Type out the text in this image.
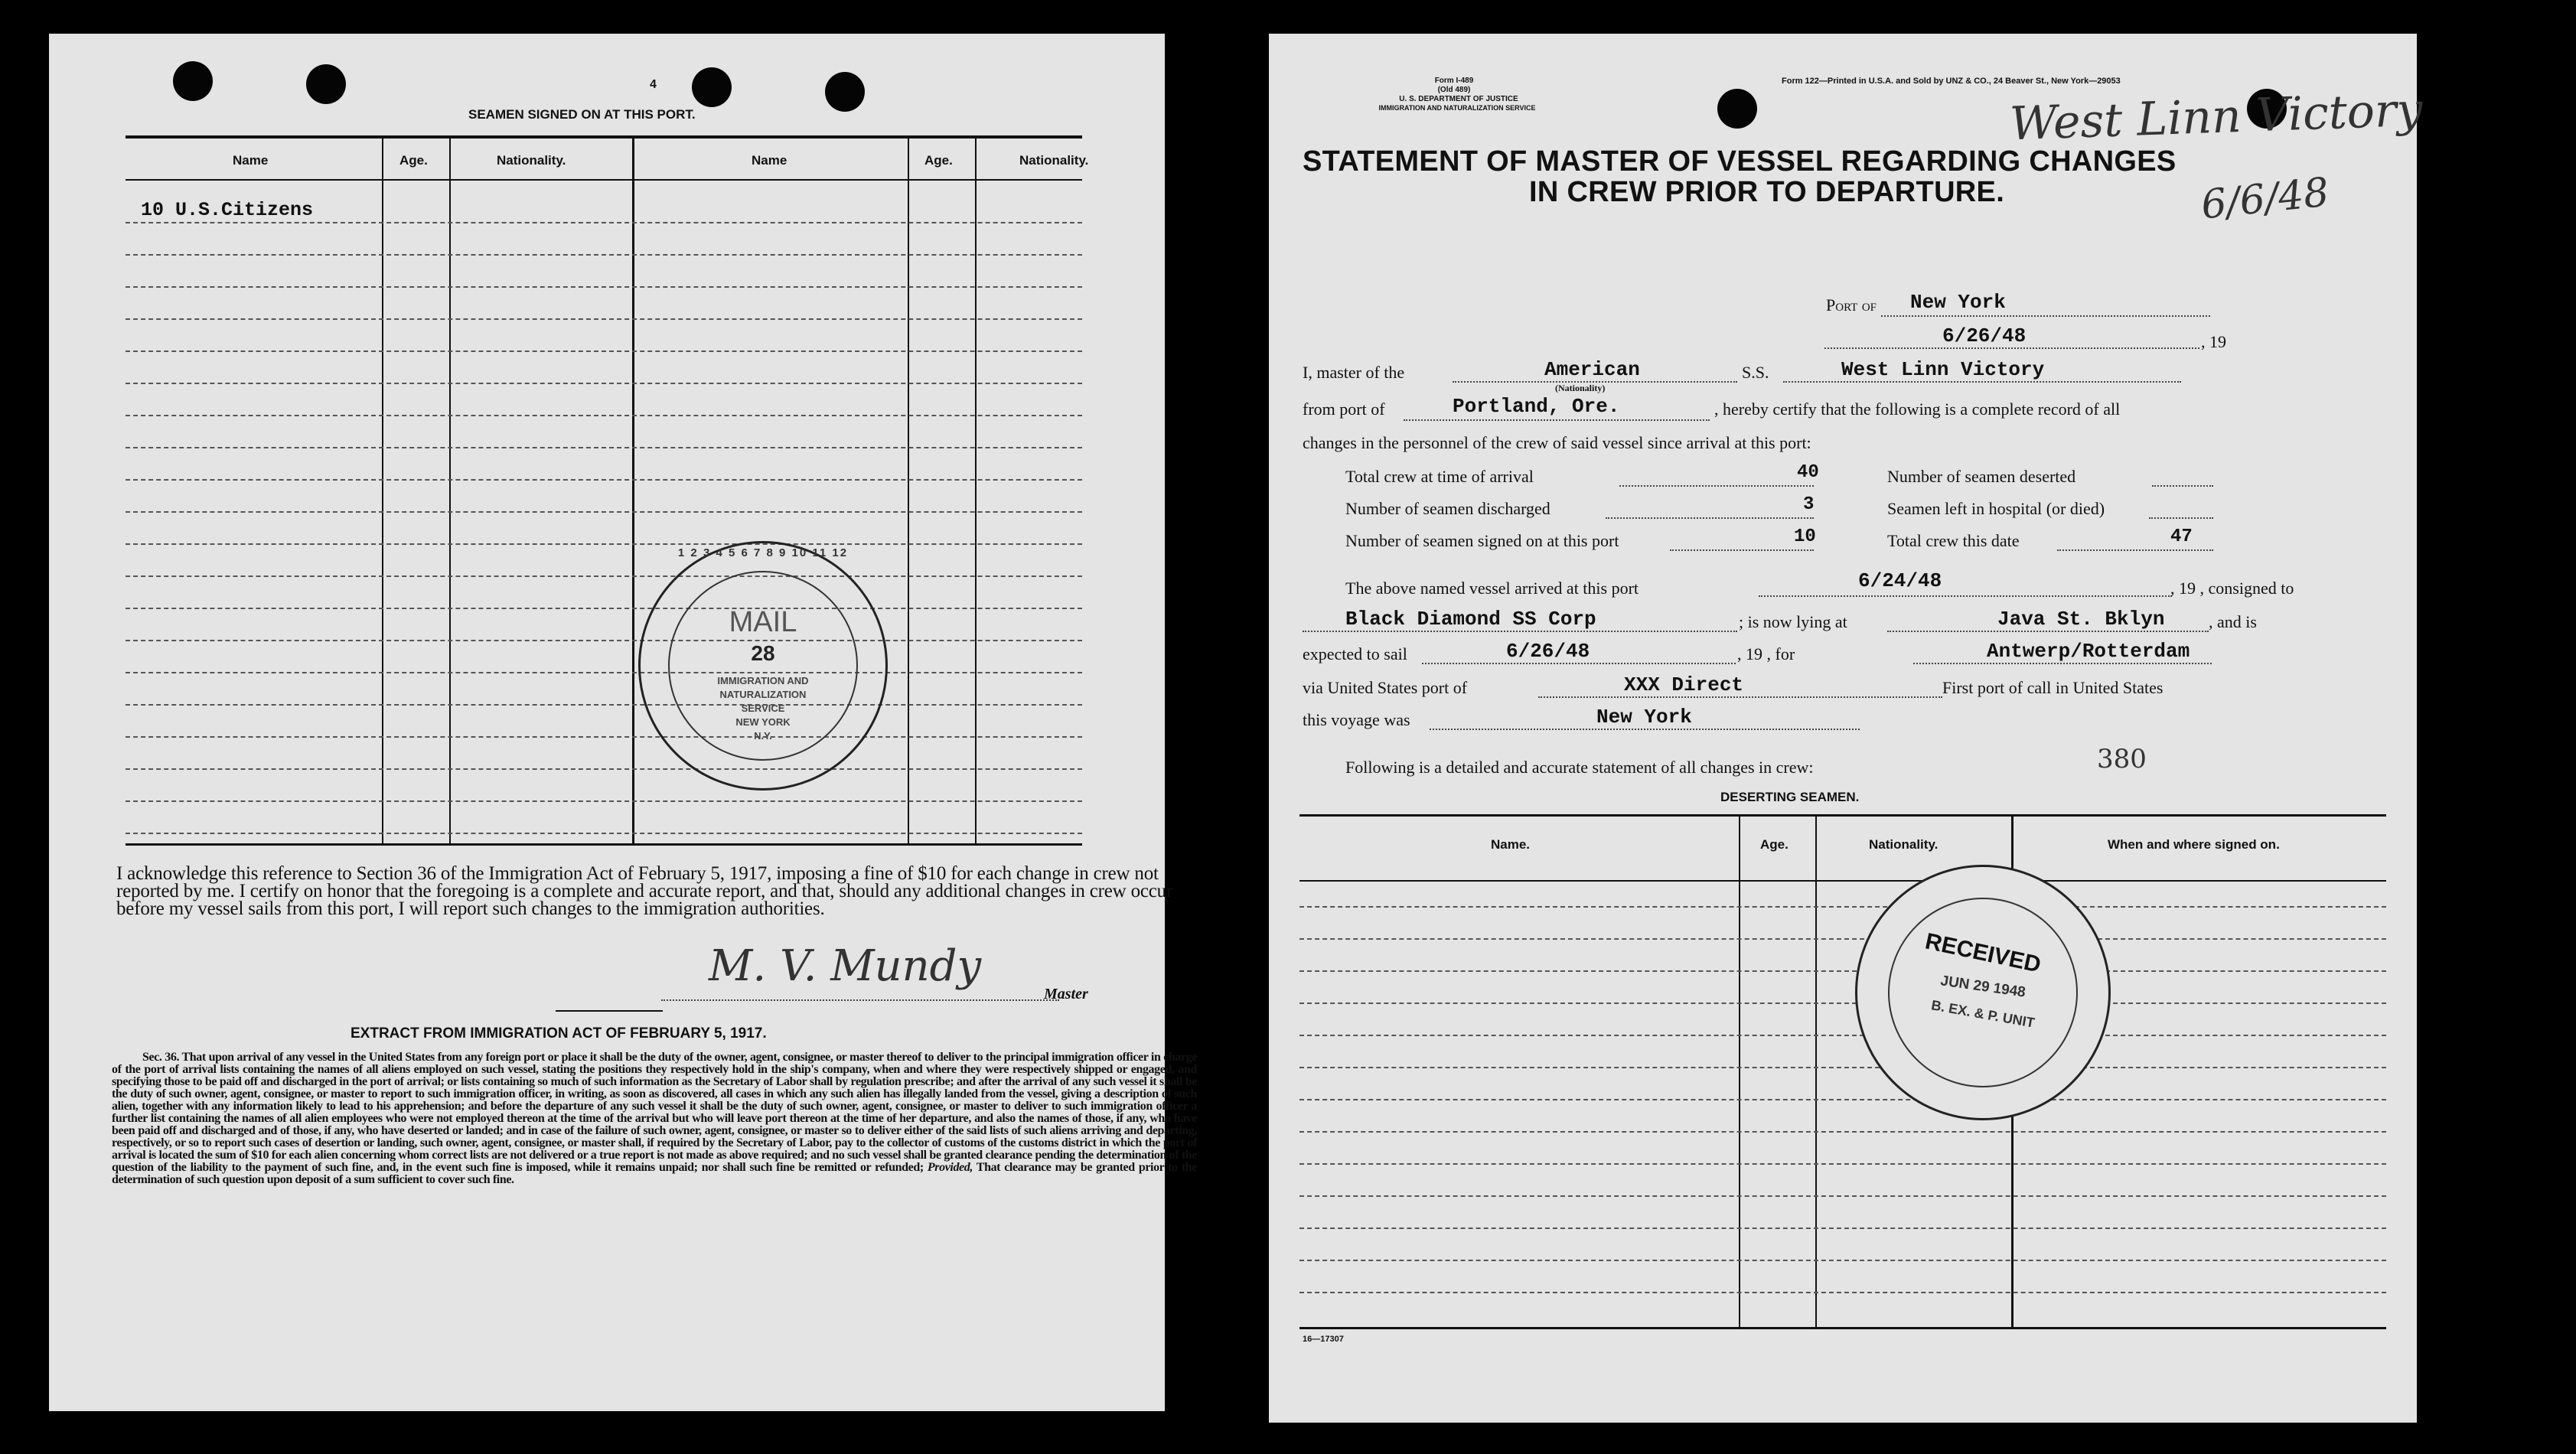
4
SEAMEN SIGNED ON AT THIS PORT.
Name	Age.	Nationality.	Name	Age.	Nationality.
10 U.S.Citizens
1 2 3 4 5 6 7 8 9 10 11 12
MAIL
28
IMMIGRATION AND
NATURALIZATION
SERVICE
NEW YORK
N.Y.
I acknowledge this reference to Section 36 of the Immigration Act of February 5, 1917, imposing a fine of $10 for each change in crew not reported by me. I certify on honor that the foregoing is a complete and accurate report, and that, should any additional changes in crew occur before my vessel sails from this port, I will report such changes to the immigration authorities.
M. V. Mundy
Master
EXTRACT FROM IMMIGRATION ACT OF FEBRUARY 5, 1917.
Sec. 36. That upon arrival of any vessel in the United States from any foreign port or place it shall be the duty of the owner, agent, consignee, or master thereof to deliver to the principal immigration officer in charge of the port of arrival lists containing the names of all aliens employed on such vessel, stating the positions they respectively hold in the ship's company, when and where they were respectively shipped or engaged, and specifying those to be paid off and discharged in the port of arrival; or lists containing so much of such information as the Secretary of Labor shall by regulation prescribe; and after the arrival of any such vessel it shall be the duty of such owner, agent, consignee, or master to report to such immigration officer, in writing, as soon as discovered, all cases in which any such alien has illegally landed from the vessel, giving a description of such alien, together with any information likely to lead to his apprehension; and before the departure of any such vessel it shall be the duty of such owner, agent, consignee, or master to deliver to such immigration officer a further list containing the names of all alien employees who were not employed thereon at the time of the arrival but who will leave port thereon at the time of her departure, and also the names of those, if any, who have been paid off and discharged and of those, if any, who have deserted or landed; and in case of the failure of such owner, agent, consignee, or master so to deliver either of the said lists of such aliens arriving and departing, respectively, or so to report such cases of desertion or landing, such owner, agent, consignee, or master shall, if required by the Secretary of Labor, pay to the collector of customs of the customs district in which the port of arrival is located the sum of $10 for each alien concerning whom correct lists are not delivered or a true report is not made as above required; and no such vessel shall be granted clearance pending the determination of the question of the liability to the payment of such fine, and, in the event such fine is imposed, while it remains unpaid; nor shall such fine be remitted or refunded; Provided, That clearance may be granted prior to the determination of such question upon deposit of a sum sufficient to cover such fine.
Form I-489
(Old 489)
U. S. DEPARTMENT OF JUSTICE
IMMIGRATION AND NATURALIZATION SERVICE
Form 122—Printed in U.S.A. and Sold by UNZ & CO., 24 Beaver St., New York—29053
West Linn Victory
6/6/48
STATEMENT OF MASTER OF VESSEL REGARDING CHANGES
IN CREW PRIOR TO DEPARTURE.
Port of New York
6/26/48	, 19
I, master of the	American
(Nationality)
S.S.	West Linn Victory
from port of	Portland, Ore.	, hereby certify that the following is a complete record of all
changes in the personnel of the crew of said vessel since arrival at this port:
Total crew at time of arrival	40	Number of seamen deserted
Number of seamen discharged	3	Seamen left in hospital (or died)
Number of seamen signed on at this port	10	Total crew this date	47
The above named vessel arrived at this port	6/24/48	, 19 , consigned to
Black Diamond SS Corp	; is now lying at	Java St. Bklyn	, and is
expected to sail	6/26/48	, 19 , for	Antwerp/Rotterdam
via United States port of	XXX Direct	First port of call in United States
this voyage was	New York
Following is a detailed and accurate statement of all changes in crew:	380
DESERTING SEAMEN.
Name.	Age.	Nationality.	When and where signed on.
RECEIVED
JUN 29 1948
B. EX. & P. UNIT
16—17307
